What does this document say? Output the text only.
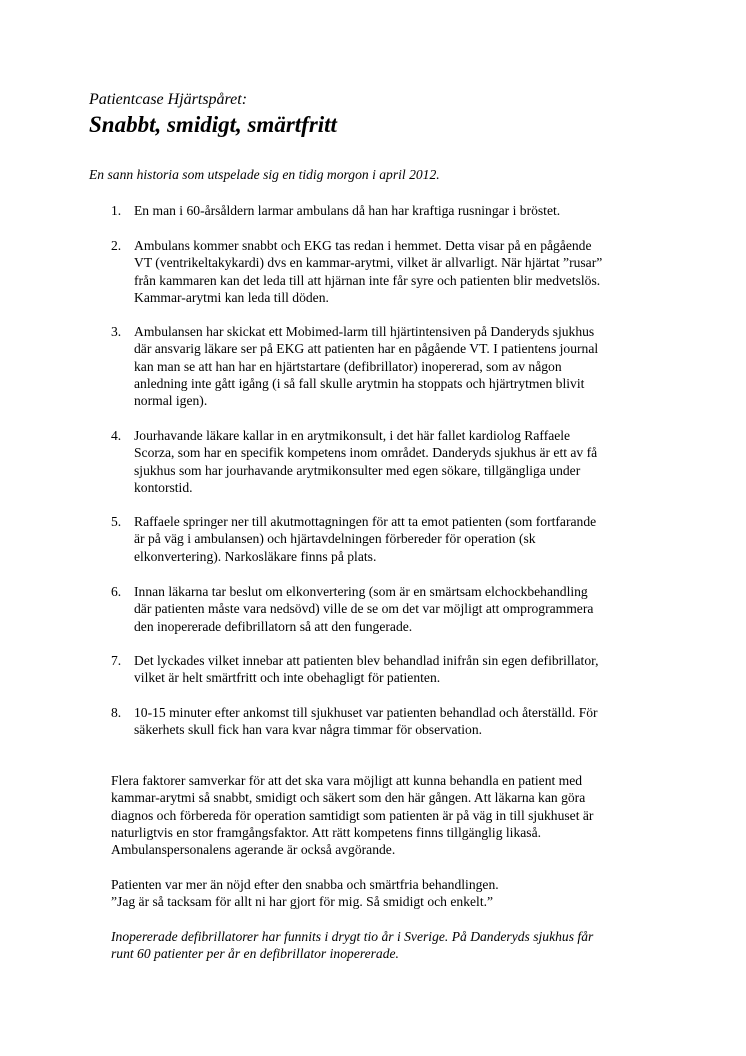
Patientcase Hjärtspåret:
Snabbt, smidigt, smärtfritt
En sann historia som utspelade sig en tidig morgon i april 2012.
1. En man i 60-årsåldern larmar ambulans då han har kraftiga rusningar i bröstet.
2. Ambulans kommer snabbt och EKG tas redan i hemmet. Detta visar på en pågående
VT (ventrikeltakykardi) dvs en kammar-arytmi, vilket är allvarligt. När hjärtat ”rusar”
från kammaren kan det leda till att hjärnan inte får syre och patienten blir medvetslös.
Kammar-arytmi kan leda till döden.
3. Ambulansen har skickat ett Mobimed-larm till hjärtintensiven på Danderyds sjukhus
där ansvarig läkare ser på EKG att patienten har en pågående VT. I patientens journal
kan man se att han har en hjärtstartare (defibrillator) inopererad, som av någon
anledning inte gått igång (i så fall skulle arytmin ha stoppats och hjärtrytmen blivit
normal igen).
4. Jourhavande läkare kallar in en arytmikonsult, i det här fallet kardiolog Raffaele
Scorza, som har en specifik kompetens inom området. Danderyds sjukhus är ett av få
sjukhus som har jourhavande arytmikonsulter med egen sökare, tillgängliga under
kontorstid.
5. Raffaele springer ner till akutmottagningen för att ta emot patienten (som fortfarande
är på väg i ambulansen) och hjärtavdelningen förbereder för operation (sk
elkonvertering). Narkosläkare finns på plats.
6. Innan läkarna tar beslut om elkonvertering (som är en smärtsam elchockbehandling
där patienten måste vara nedsövd) ville de se om det var möjligt att omprogrammera
den inopererade defibrillatorn så att den fungerade.
7. Det lyckades vilket innebar att patienten blev behandlad inifrån sin egen defibrillator,
vilket är helt smärtfritt och inte obehagligt för patienten.
8. 10-15 minuter efter ankomst till sjukhuset var patienten behandlad och återställd. För
säkerhets skull fick han vara kvar några timmar för observation.
Flera faktorer samverkar för att det ska vara möjligt att kunna behandla en patient med
kammar-arytmi så snabbt, smidigt och säkert som den här gången. Att läkarna kan göra
diagnos och förbereda för operation samtidigt som patienten är på väg in till sjukhuset är
naturligtvis en stor framgångsfaktor. Att rätt kompetens finns tillgänglig likaså.
Ambulanspersonalens agerande är också avgörande.
Patienten var mer än nöjd efter den snabba och smärtfria behandlingen.
”Jag är så tacksam för allt ni har gjort för mig. Så smidigt och enkelt.”
Inopererade defibrillatorer har funnits i drygt tio år i Sverige. På Danderyds sjukhus får
runt 60 patienter per år en defibrillator inopererade.
